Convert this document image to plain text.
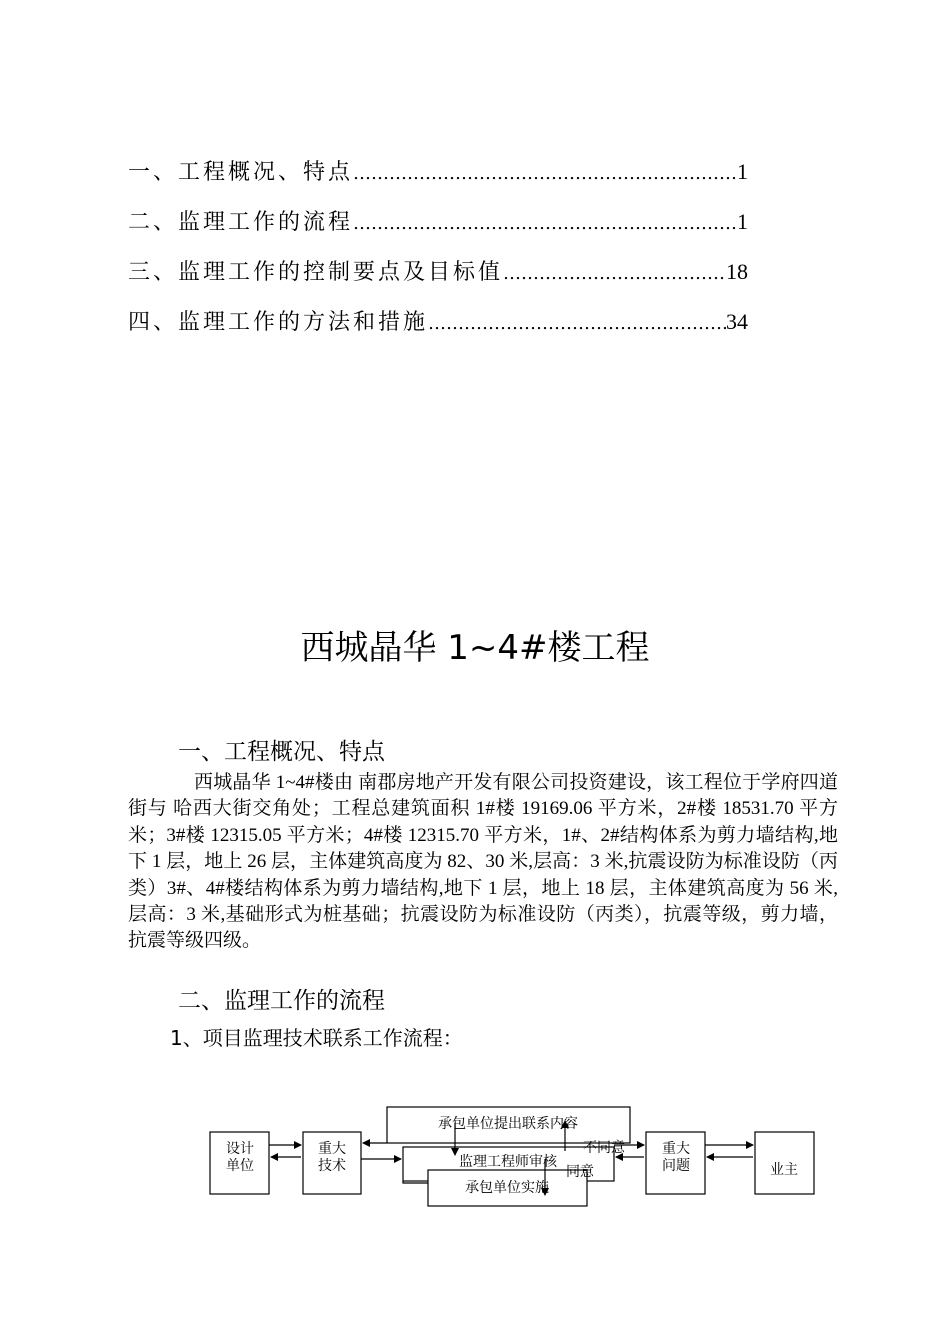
一、工程概况、特点 …………………………………………………………………………………………	1
二、监理工作的流程 …………………………………………………………………………………………	1
三、监理工作的控制要点及目标值 …………………………………………………………………………………………	18
四、监理工作的方法和措施 …………………………………………………………………………………………	34
西城晶华 1~4#楼工程
一、工程概况、特点
西城晶华 1~4#楼由 南郡房地产开发有限公司投资建设，该工程位于学府四道街与 哈西大街交角处；工程总建筑面积 1#楼 19169.06 平方米，2#楼 18531.70 平方米；3#楼 12315.05 平方米；4#楼 12315.70 平方米，1#、2#结构体系为剪力墙结构,地下 1 层，地上 26 层，主体建筑高度为 82、30 米,层高：3 米,抗震设防为标准设防（丙类）3#、4#楼结构体系为剪力墙结构,地下 1 层，地上 18 层，主体建筑高度为 56 米,层高：3 米,基础形式为桩基础；抗震设防为标准设防（丙类），抗震等级，剪力墙，抗震等级四级。
二、监理工作的流程
1、项目监理技术联系工作流程：
设计
单位
重大
技术
承包单位提出联系内容
监理工程师审核
承包单位实施
不同意
同意
重大
问题	业主
